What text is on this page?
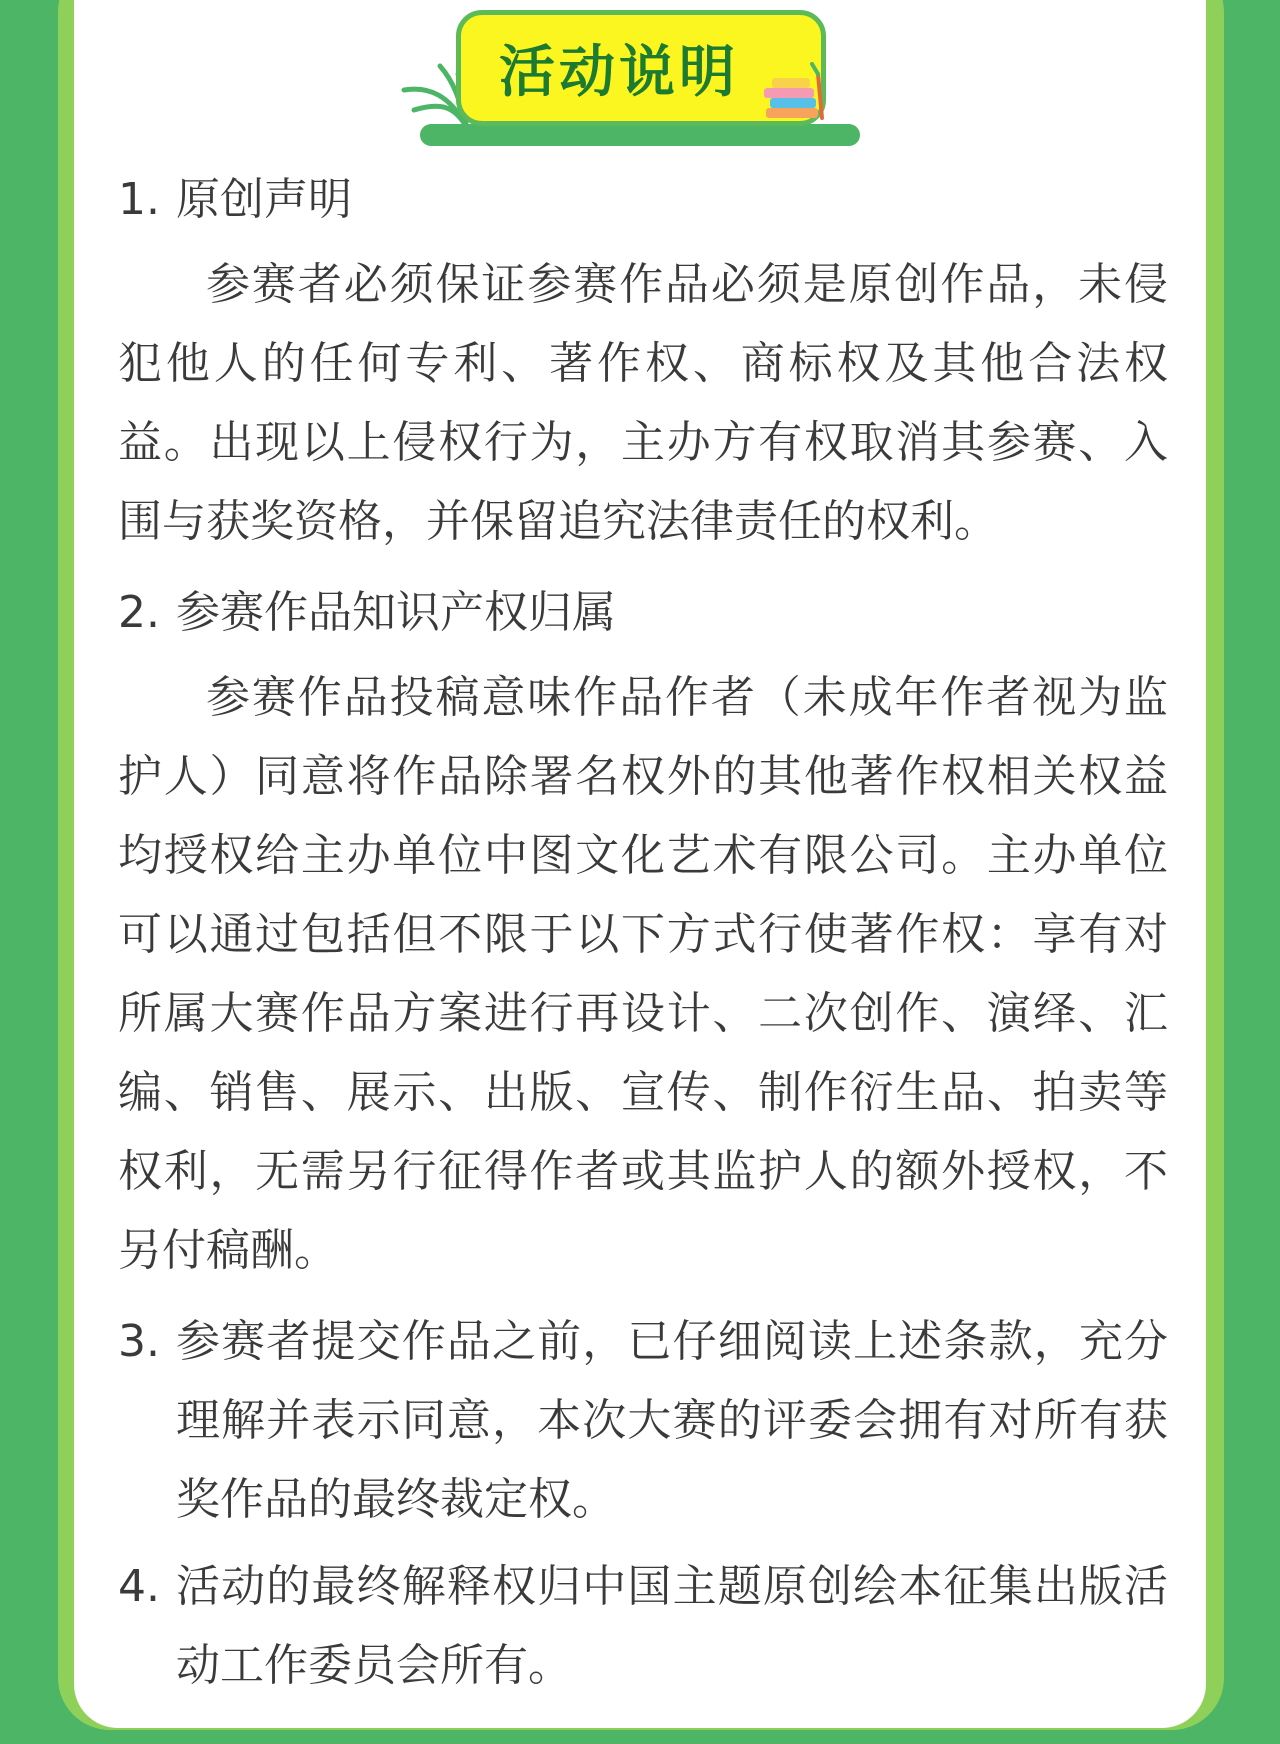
活动说明
1. 原创声明

参赛者必须保证参赛作品必须是原创作品，未侵犯他人的任何专利、著作权、商标权及其他合法权益。出现以上侵权行为，主办方有权取消其参赛、入围与获奖资格，并保留追究法律责任的权利。

2. 参赛作品知识产权归属

参赛作品投稿意味作品作者（未成年作者视为监护人）同意将作品除署名权外的其他著作权相关权益均授权给主办单位中图文化艺术有限公司。主办单位可以通过包括但不限于以下方式行使著作权：享有对所属大赛作品方案进行再设计、二次创作、演绎、汇编、销售、展示、出版、宣传、制作衍生品、拍卖等权利，无需另行征得作者或其监护人的额外授权，不另付稿酬。

3. 参赛者提交作品之前，已仔细阅读上述条款，充分理解并表示同意，本次大赛的评委会拥有对所有获奖作品的最终裁定权。
4. 活动的最终解释权归中国主题原创绘本征集出版活动工作委员会所有。
